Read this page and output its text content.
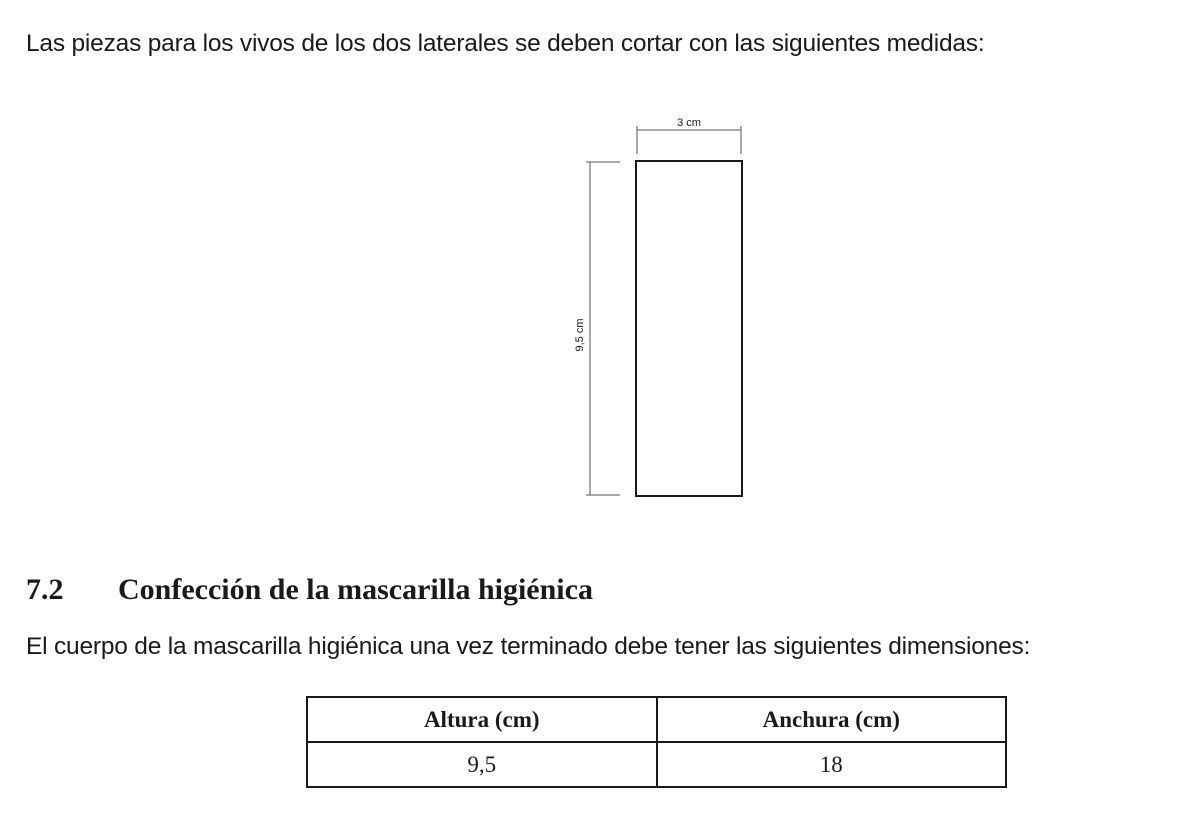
Las piezas para los vivos de los dos laterales se deben cortar con las siguientes medidas:

3 cm
9,5 cm
7.2 Confección de la mascarilla higiénica

El cuerpo de la mascarilla higiénica una vez terminado debe tener las siguientes dimensiones:

Altura (cm)	Anchura (cm)
9,5	18
